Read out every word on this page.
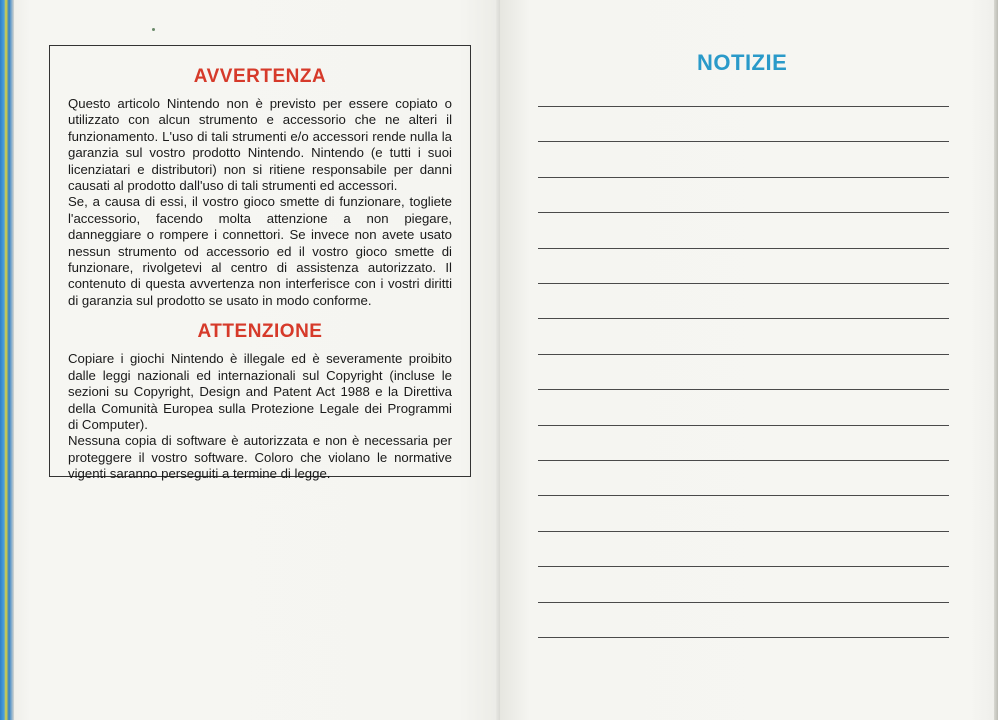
AVVERTENZA

Questo articolo Nintendo non è previsto per essere copiato o utilizzato con alcun strumento e accessorio che ne alteri il funzionamento. L'uso di tali strumenti e/o accessori rende nulla la garanzia sul vostro prodotto Nintendo. Nintendo (e tutti i suoi licenziatari e distributori) non si ritiene responsabile per danni causati al prodotto dall'uso di tali strumenti ed accessori.

Se, a causa di essi, il vostro gioco smette di funzionare, togliete l'accessorio, facendo molta attenzione a non piegare, danneggiare o rompere i connettori. Se invece non avete usato nessun strumento od accessorio ed il vostro gioco smette di funzionare, rivolgetevi al centro di assistenza autorizzato. Il contenuto di questa avvertenza non interferisce con i vostri diritti di garanzia sul prodotto se usato in modo conforme.

ATTENZIONE

Copiare i giochi Nintendo è illegale ed è severamente proibito dalle leggi nazionali ed internazionali sul Copyright (incluse le sezioni su Copyright, Design and Patent Act 1988 e la Direttiva della Comunità Europea sulla Protezione Legale dei Programmi di Computer).

Nessuna copia di software è autorizzata e non è necessaria per proteggere il vostro software. Coloro che violano le normative vigenti saranno perseguiti a termine di legge.

NOTIZIE
